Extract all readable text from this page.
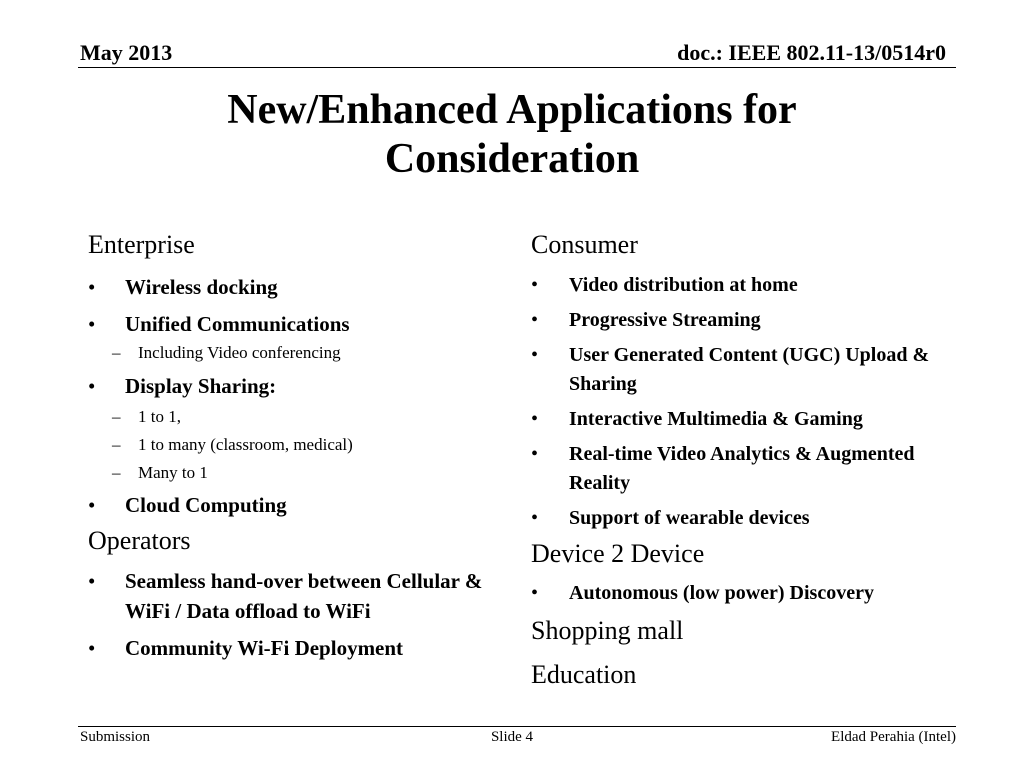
May 2013	doc.: IEEE 802.11-13/0514r0
New/Enhanced Applications for
Consideration
Enterprise
• Wireless docking
• Unified Communications
– Including Video conferencing
• Display Sharing:
– 1 to 1,
– 1 to many (classroom, medical)
– Many to 1
• Cloud Computing
Operators
• Seamless hand-over between Cellular & WiFi / Data offload to WiFi
• Community Wi-Fi Deployment
Consumer
• Video distribution at home
• Progressive Streaming
• User Generated Content (UGC) Upload & Sharing
• Interactive Multimedia & Gaming
• Real-time Video Analytics & Augmented Reality
• Support of wearable devices
Device 2 Device
• Autonomous (low power) Discovery
Shopping mall
Education
Submission	Slide 4	Eldad Perahia (Intel)
